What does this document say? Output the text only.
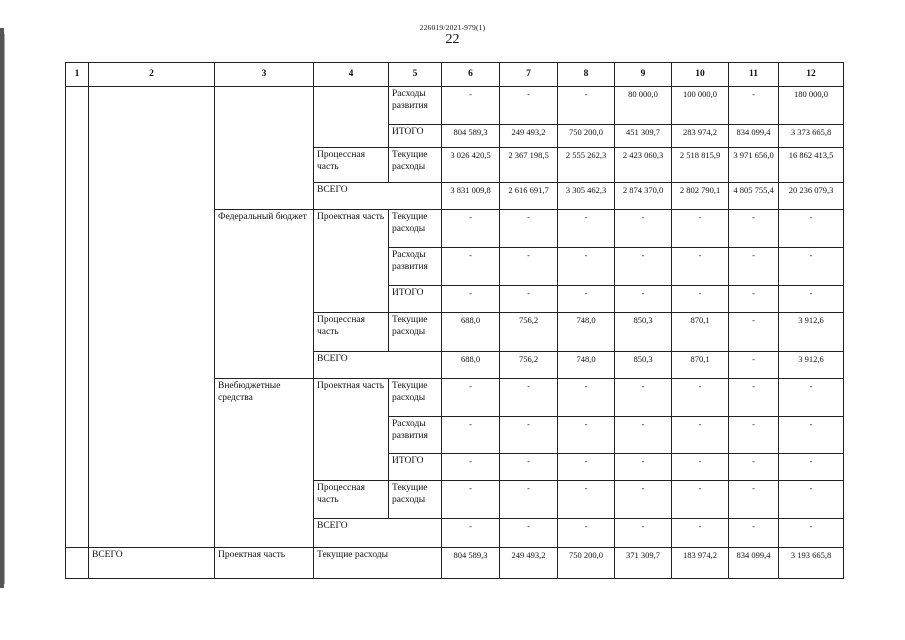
226019/2021-979(1)
22
1	2	3	4	5	6	7	8	9	10	11	12
				Расходы развития	-	-	-	80 000,0	100 000,0	-	180 000,0
				ИТОГО	804 589,3	249 493,2	750 200,0	451 309,7	283 974,2	834 099,4	3 373 665,8
			Процессная часть	Текущие расходы	3 026 420,5	2 367 198,5	2 555 262,3	2 423 060,3	2 518 815,9	3 971 656,0	16 862 413,5
			ВСЕГО		3 831 009,8	2 616 691,7	3 305 462,3	2 874 370,0	2 802 790,1	4 805 755,4	20 236 079,3
		Федеральный бюджет	Проектная часть	Текущие расходы	-	-	-	-	-	-	-
				Расходы развития	-	-	-	-	-	-	-
				ИТОГО	-	-	-	-	-	-	-
			Процессная часть	Текущие расходы	688,0	756,2	748,0	850,3	870,1	-	3 912,6
			ВСЕГО		688,0	756,2	748,0	850,3	870,1	-	3 912,6
		Внебюджетные средства	Проектная часть	Текущие расходы	-	-	-	-	-	-	-
				Расходы развития	-	-	-	-	-	-	-
				ИТОГО	-	-	-	-	-	-	-
			Процессная часть	Текущие расходы	-	-	-	-	-	-	-
			ВСЕГО		-	-	-	-	-	-	-
	ВСЕГО	Проектная часть	Текущие расходы		804 589,3	249 493,2	750 200,0	371 309,7	183 974,2	834 099,4	3 193 665,8
